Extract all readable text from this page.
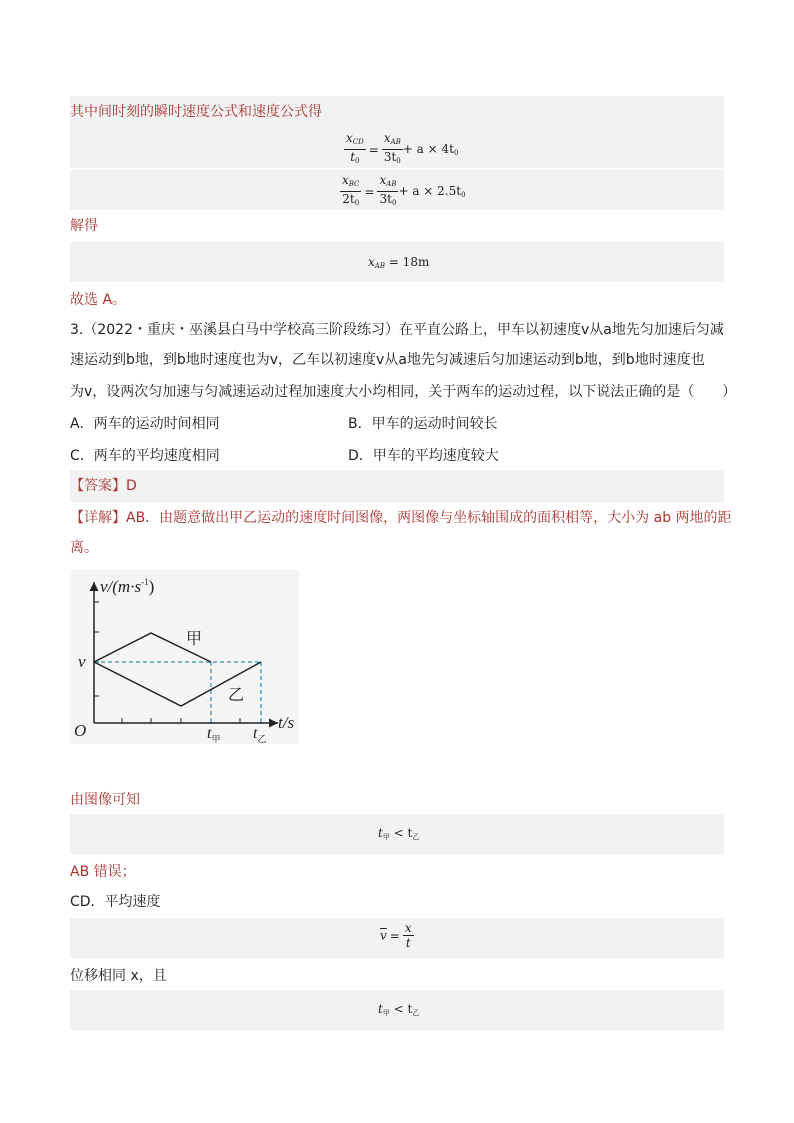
其中间时刻的瞬时速度公式和速度公式得
$\frac{x_{CD}}{t_0} = \frac{x_{AB}}{3t_0} + a \times 4t_0$
$\frac{x_{BC}}{2t_0} = \frac{x_{AB}}{3t_0} + a \times 2.5t_0$
解得
$x_{AB} = 18m$
故选 A。
3.（2022・重庆・巫溪县白马中学校高三阶段练习）在平直公路上，甲车以初速度v从a地先匀加速后匀减
速运动到b地，到b地时速度也为v，乙车以初速度v从a地先匀减速后匀加速运动到b地，到b地时速度也
为v，设两次匀加速与匀减速运动过程加速度大小均相同，关于两车的运动过程，以下说法正确的是（　　）
A．两车的运动时间相同	B．甲车的运动时间较长
C．两车的平均速度相同	D．甲车的平均速度较大
【答案】D
【详解】AB．由题意做出甲乙运动的速度时间图像，两图像与坐标轴围成的面积相等，大小为 ab 两地的距
离。
$v/(m\cdot s^{-1})$
t/s
O
v
甲
乙
$t_甲$ $t_乙$
由图像可知
$t_甲 < t_乙$
AB 错误；
CD．平均速度
$\overline{v} = \frac{x}{t}$
位移相同 x，且
$t_甲 < t_乙$
